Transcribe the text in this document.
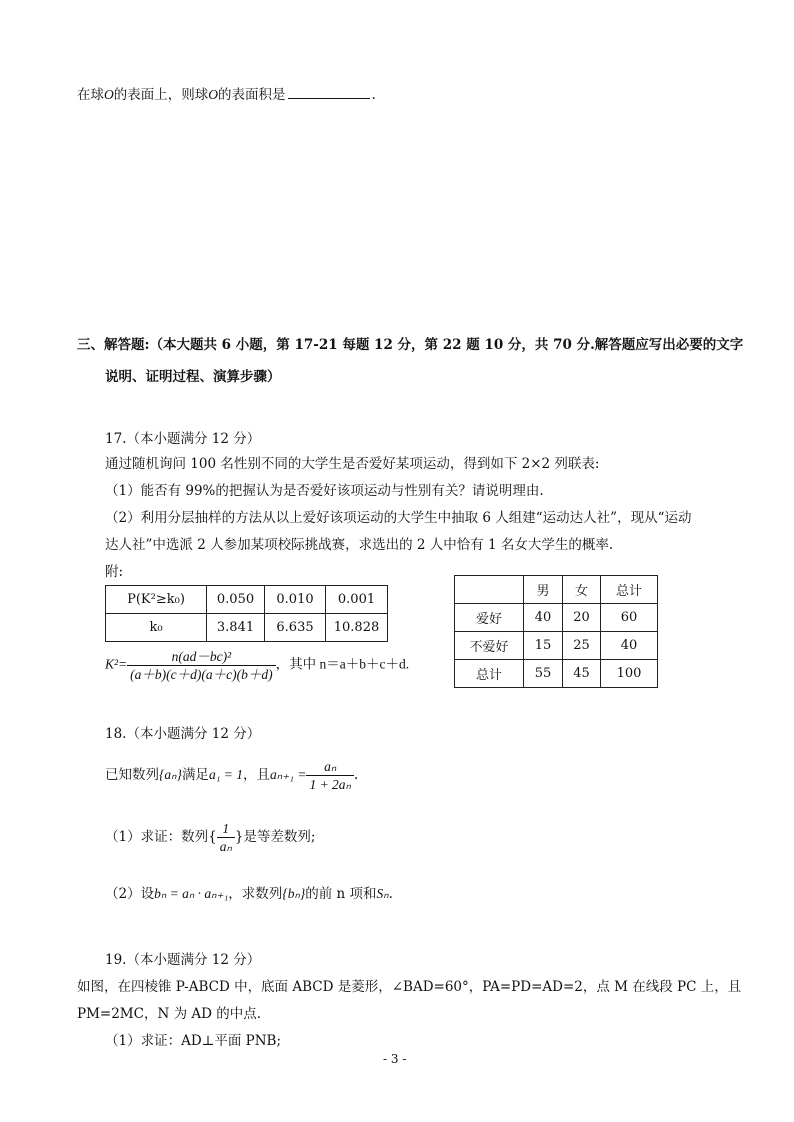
在球O的表面上，则球O的表面积是	.
三、解答题:（本大题共 6 小题，第 17-21 每题 12 分，第 22 题 10 分，共 70 分.解答题应写出必要的文字
说明、证明过程、演算步骤）
17.（本小题满分 12 分）
通过随机询问 100 名性别不同的大学生是否爱好某项运动，得到如下 2×2 列联表:
（1）能否有 99%的把握认为是否爱好该项运动与性别有关？请说明理由.
（2）利用分层抽样的方法从以上爱好该项运动的大学生中抽取 6 人组建“运动达人社”，现从“运动
达人社”中选派 2 人参加某项校际挑战赛，求选出的 2 人中恰有 1 名女大学生的概率.
附:
P(K²≥k₀)	0.050	0.010	0.001
k₀	3.841	6.635	10.828
$K^2= \frac{\text{n(ad－bc)²}}{(a+b)(c+d)(a+c)(b+d)}$ ，其中 n＝a＋b＋c＋d.
	男	女	总计
爱好	40	20	60
不爱好	15	25	40
总计	55	45	100
18.（本小题满分 12 分）
已知数列{aₙ}满足a₁ = 1，且$a_{n+1} = \frac{\text{aₙ}}{\text{1 + 2aₙ}}$ .
（1）求证：数列{ $\frac{1}{\text{aₙ}}$ }是等差数列;
（2）设bₙ = aₙ · aₙ₊₁，求数列{bₙ}的前 n 项和Sₙ.
19.（本小题满分 12 分）
如图，在四棱锥 P-ABCD 中，底面 ABCD 是菱形，∠BAD=60°，PA=PD=AD=2，点 M 在线段 PC 上，且
PM=2MC，N 为 AD 的中点.
（1）求证：AD⊥平面 PNB;
- 3 -
